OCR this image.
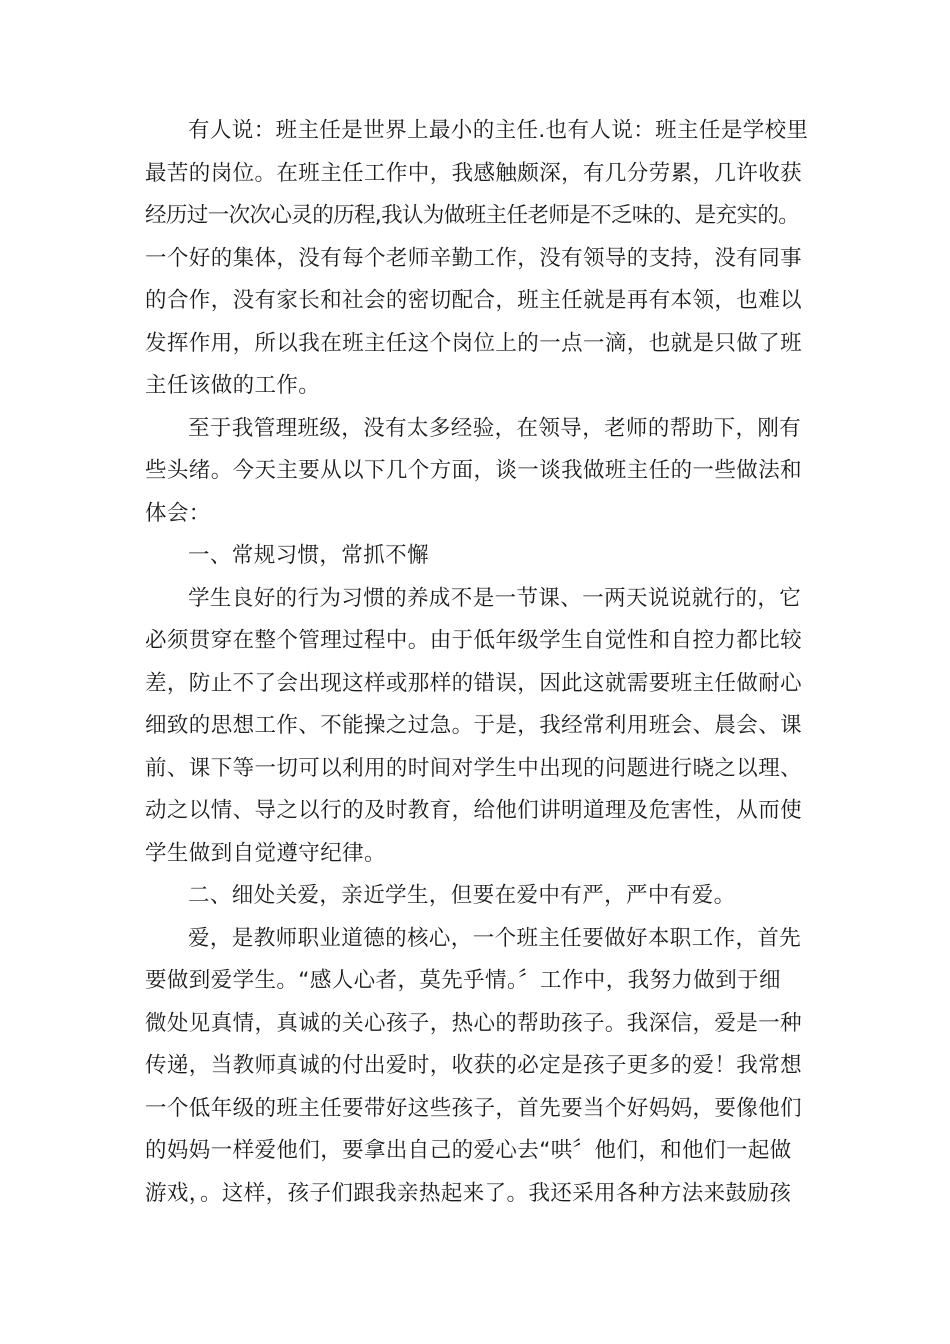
有人说：班主任是世界上最小的主任.也有人说：班主任是学校里
最苦的岗位。在班主任工作中，我感触颇深，有几分劳累，几许收获
经历过一次次心灵的历程,我认为做班主任老师是不乏味的、是充实的。
一个好的集体，没有每个老师辛勤工作，没有领导的支持，没有同事
的合作，没有家长和社会的密切配合，班主任就是再有本领，也难以
发挥作用，所以我在班主任这个岗位上的一点一滴，也就是只做了班
主任该做的工作。

至于我管理班级，没有太多经验，在领导，老师的帮助下，刚有
些头绪。今天主要从以下几个方面，谈一谈我做班主任的一些做法和
体会：

一、常规习惯，常抓不懈

学生良好的行为习惯的养成不是一节课、一两天说说就行的，它
必须贯穿在整个管理过程中。由于低年级学生自觉性和自控力都比较
差，防止不了会出现这样或那样的错误，因此这就需要班主任做耐心
细致的思想工作、不能操之过急。于是，我经常利用班会、晨会、课
前、课下等一切可以利用的时间对学生中出现的问题进行晓之以理、
动之以情、导之以行的及时教育，给他们讲明道理及危害性，从而使
学生做到自觉遵守纪律。

二、细处关爱，亲近学生，但要在爱中有严，严中有爱。

爱，是教师职业道德的核心，一个班主任要做好本职工作，首先
要做到爱学生。“感人心者，莫先乎情。〞工作中，我努力做到于细
微处见真情，真诚的关心孩子，热心的帮助孩子。我深信，爱是一种
传递，当教师真诚的付出爱时，收获的必定是孩子更多的爱！我常想
一个低年级的班主任要带好这些孩子，首先要当个好妈妈，要像他们
的妈妈一样爱他们，要拿出自己的爱心去“哄〞他们，和他们一起做
游戏，。这样，孩子们跟我亲热起来了。我还采用各种方法来鼓励孩
